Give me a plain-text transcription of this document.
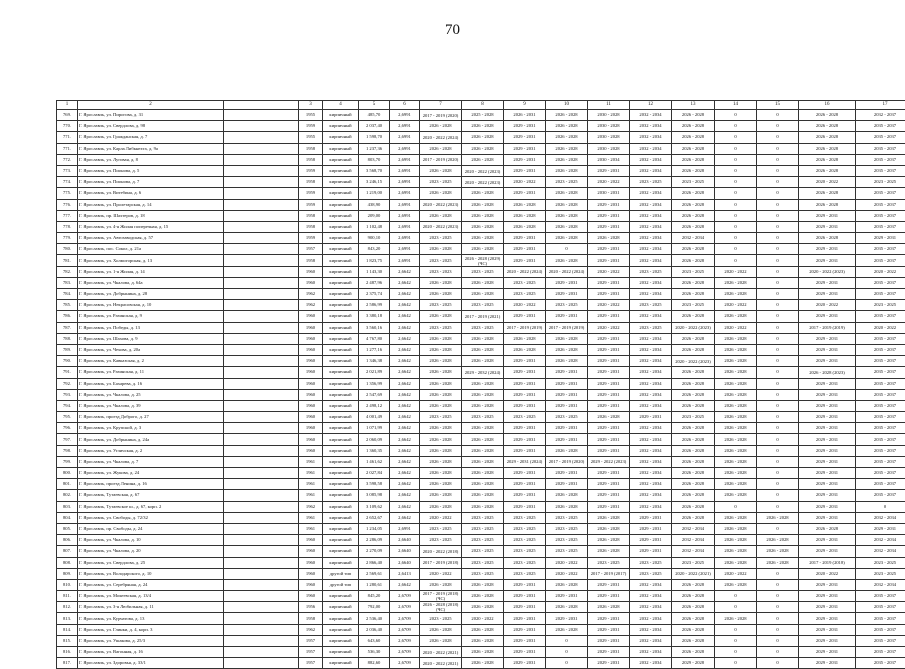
70
1	2		3	4	5	6	7	8	9	10	11	12	13	14	15	16	17
769.	Г. Ярославль, ул. Пирогова, д. 31		1955	кирпичный	485,70	2,6991	2017 - 2019 (2020)	2025 - 2028	2026 - 2031	2026 - 2028	2030 - 2028	2032 - 2034	2026 - 2028	0	0	2026 - 2028	2032 - 2037
770.	Г. Ярославль, ул. Свердлова, д. 98		1959	кирпичный	2 037,40	2,6991	2026 - 2028	2026 - 2028	2029 - 2031	2026 - 2028	2030 - 2028	2032 - 2034	2026 - 2028	0	0	2026 - 2028	2035 - 2037
771.	Г. Ярославль, ул. Гражданская, д. 7		1955	кирпичный	1 598,70	2,6991	2020 - 2022 (2024)	2026 - 2028	2029 - 2031	2026 - 2028	2030 - 2028	2032 - 2034	2026 - 2028	0	0	2026 - 2028	2035 - 2037
771.	Г. Ярославль, ул. Карла Либкнехта, д. 9а		1958	кирпичный	1 237,36	2,6991	2026 - 2028	2026 - 2028	2029 - 2031	2026 - 2028	2030 - 2028	2032 - 2034	2026 - 2028	0	0	2026 - 2028	2035 - 2037
772.	Г. Ярославль, ул. Луговая, д. 8		1958	кирпичный	803,70	2,6991	2017 - 2019 (2020)	2026 - 2028	2029 - 2031	2026 - 2028	2030 - 2034	2032 - 2034	2026 - 2028	0	0	2026 - 2028	2035 - 2037
773.	Г. Ярославль, ул. Пионова, д. 5		1959	кирпичный	3 568,70	2,6991	2026 - 2028	2020 - 2022 (2023)	2029 - 2031	2026 - 2028	2029 - 2031	2032 - 2034	2026 - 2028	0	0	2026 - 2028	2035 - 2037
774.	Г. Ярославль, ул. Пионова, д. 7		1958	кирпичный	3 246,15	2,6991	2023 - 2025	2020 - 2022 (2023)	2020 - 2022	2023 - 2025	2020 - 2022	2023 - 2025	2023 - 2025	0	0	2020 - 2022	2023 - 2025
775.	Г. Ярославль, ул. Витебина, д. 6		1959	кирпичный	1 219,00	2,6991	2026 - 2028	2026 - 2028	2029 - 2031	2026 - 2028	2030 - 2031	2032 - 2034	2026 - 2028	0	0	2026 - 2028	2035 - 2037
776.	Г. Ярославль, ул. Пролетарская, д. 14		1959	кирпичный	438,90	2,6991	2020 - 2022 (2023)	2026 - 2028	2026 - 2028	2026 - 2028	2029 - 2031	2032 - 2034	2026 - 2028	0	0	2026 - 2028	2035 - 2037
777.	Г. Ярославль, пр. Шахтеров, д. 18		1958	кирпичный	209,00	2,6991	2026 - 2028	2026 - 2028	2026 - 2028	2026 - 2028	2029 - 2031	2032 - 2034	2026 - 2028	0	0	2029 - 2031	2035 - 2037
778.	Г. Ярославль, ул. 4-я Жилая поперечная, д. 15		1958	кирпичный	1 102,48	2,6991	2020 - 2022 (2023)	2026 - 2028	2026 - 2028	2026 - 2028	2029 - 2031	2032 - 2034	2026 - 2028	0	0	2029 - 2031	2035 - 2037
779.	Г. Ярославль, ул. Автозаводская, д. 57		1959	кирпичный	900,10	2,6991	2023 - 2025	2026 - 2028	2029 - 2031	2026 - 2028	2026 - 2028	2032 - 2034	2032 - 2034	0	0	2026 - 2028	2029 - 2031
780.	Г. Ярославль, пос. Сокол, д. 21а		1957	кирпичный	843,20	2,6991	2026 - 2028	2026 - 2028	2029 - 2031	0	2029 - 2031	2032 - 2034	2026 - 2028	0	0	2029 - 2031	2035 - 2037
781.	Г. Ярославль, ул. Холмогорская, д. 13		1958	кирпичный	1 823,75	2,6991	2023 - 2025	2026 - 2028 (2029)(ЧС)	2029 - 2031	2026 - 2028	2029 - 2031	2032 - 2034	2026 - 2028	0	0	2029 - 2031	2035 - 2037
782.	Г. Ярославль, ул. 1-я Жилая, д. 14		1960	кирпичный	1 143,30	2,6642	2023 - 2023	2023 - 2025	2020 - 2022 (2024)	2020 - 2022 (2024)	2020 - 2022	2023 - 2025	2023 - 2025	2020 - 2022	0	2020 - 2022 (2023)	2020 - 2022
783.	Г. Ярославль, ул. Чкалова, д. 64а		1960	кирпичный	2 487,96	2,6642	2026 - 2028	2026 - 2028	2023 - 2025	2029 - 2031	2029 - 2031	2032 - 2034	2026 - 2028	2026 - 2028	0	2029 - 2031	2035 - 2037
784.	Г. Ярославль, ул. Добрынина, д. 28		1962	кирпичный	2 375,74	2,6642	2026 - 2028	2026 - 2028	2023 - 2025	2029 - 2031	2029 - 2031	2032 - 2034	2026 - 2028	2026 - 2028	0	2029 - 2031	2035 - 2037
785.	Г. Ярославль, ул. Некрасовская, д. 10		1962	кирпичный	2 586,99	2,6642	2023 - 2025	2023 - 2025	2020 - 2022	2023 - 2025	2020 - 2022	2023 - 2025	2023 - 2025	2020 - 2022	0	2020 - 2022	2023 - 2025
786.	Г. Ярославль, ул. Разинская, д. 9		1960	кирпичный	3 380,18	2,6642	2026 - 2028	2017 - 2019 (2021)	2029 - 2031	2029 - 2031	2029 - 2031	2032 - 2034	2026 - 2028	2026 - 2028	0	2029 - 2031	2035 - 2037
787.	Г. Ярославль, ул. Победы, д. 13		1960	кирпичный	3 560,16	2,6642	2023 - 2025	2023 - 2025	2017 - 2019 (2019)	2017 - 2019 (2019)	2020 - 2022	2023 - 2025	2020 - 2022 (2023)	2020 - 2022	0	2017 - 2019 (2019)	2020 - 2022
788.	Г. Ярославль, ул. Шахова, д. 9		1960	кирпичный	4 767,80	2,6642	2026 - 2028	2026 - 2028	2026 - 2028	2026 - 2028	2029 - 2031	2032 - 2034	2026 - 2028	2026 - 2028	0	2029 - 2031	2035 - 2037
789.	Г. Ярославль, ул. Чехова, д. 20а		1960	кирпичный	1 277,16	2,6642	2026 - 2028	2026 - 2028	2026 - 2028	2026 - 2028	2029 - 2031	2032 - 2034	2026 - 2028	2026 - 2028	0	2029 - 2031	2035 - 2037
790.	Г. Ярославль, ул. Кавказская, д. 2		1960	кирпичный	1 346,38	2,6642	2026 - 2028	2026 - 2028	2029 - 2031	2026 - 2028	2029 - 2031	2032 - 2034	2020 - 2022 (2023)	2026 - 2028	0	2029 - 2031	2035 - 2037
791.	Г. Ярославль, ул. Разинская, д. 11		1960	кирпичный	2 021,89	2,6642	2026 - 2028	2029 - 2032 (2024)	2029 - 2031	2029 - 2031	2029 - 2031	2032 - 2034	2026 - 2028	2026 - 2028	0	2026 - 2028 (2023)	2035 - 2037
792.	Г. Ярославль, ул. Бахарева, д. 16		1960	кирпичный	1 356,99	2,6642	2026 - 2028	2026 - 2028	2029 - 2031	2029 - 2031	2029 - 2031	2032 - 2034	2026 - 2028	2026 - 2028	0	2029 - 2031	2035 - 2037
793.	Г. Ярославль, ул. Чкалова, д. 25		1960	кирпичный	2 547,69	2,6642	2026 - 2028	2026 - 2028	2029 - 2031	2029 - 2031	2029 - 2031	2032 - 2034	2026 - 2028	2026 - 2028	0	2029 - 2031	2035 - 2037
794.	Г. Ярославль, ул. Чкалова, д. 39		1960	кирпичный	2 498,12	2,6642	2026 - 2028	2026 - 2028	2029 - 2031	2029 - 2031	2029 - 2031	2032 - 2034	2026 - 2028	2026 - 2028	0	2029 - 2031	2035 - 2037
795.	Г. Ярославль, проезд Доброго, д. 27		1960	кирпичный	4 001,49	2,6642	2023 - 2025	2023 - 2025	2023 - 2025	2023 - 2025	2026 - 2028	2029 - 2031	2023 - 2025	2026 - 2028	0	2029 - 2031	2035 - 2037
796.	Г. Ярославль, ул. Крупской, д. 3		1960	кирпичный	1 071,99	2,6642	2026 - 2028	2026 - 2028	2029 - 2031	2029 - 2031	2029 - 2031	2032 - 2034	2026 - 2028	2026 - 2028	0	2029 - 2031	2035 - 2037
797.	Г. Ярославль, ул. Добрынина, д. 24а		1960	кирпичный	2 060,09	2,6642	2026 - 2028	2026 - 2028	2029 - 2031	2029 - 2031	2029 - 2031	2032 - 2034	2026 - 2028	2026 - 2028	0	2029 - 2031	2035 - 2037
798.	Г. Ярославль, ул. Угличская, д. 2		1960	кирпичный	1 360,35	2,6642	2026 - 2028	2026 - 2028	2029 - 2031	2026 - 2028	2029 - 2031	2032 - 2034	2026 - 2028	2026 - 2028	0	2029 - 2031	2035 - 2037
799.	Г. Ярославль, ул. Чкалова, д. 7		1961	кирпичный	1 461,62	2,6642	2026 - 2028	2026 - 2028	2029 - 2031 (2024)	2017 - 2019 (2020)	2029 - 2022 (2023)	2032 - 2034	2026 - 2028	2026 - 2028	0	2029 - 2031	2035 - 2037
800.	Г. Ярославль, ул. Жукова, д. 24		1961	кирпичный	2 027,84	2,6642	2026 - 2028	2026 - 2028	2029 - 2031	2029 - 2031	2029 - 2031	2032 - 2034	2026 - 2028	2026 - 2028	0	2029 - 2031	2035 - 2037
801.	Г. Ярославль, проезд Ленина, д. 16		1961	кирпичный	3 598,58	2,6642	2026 - 2028	2026 - 2028	2029 - 2031	2029 - 2031	2029 - 2031	2032 - 2034	2026 - 2028	2026 - 2028	0	2029 - 2031	2035 - 2037
802.	Г. Ярославль, Тутаевская, д. 67		1961	кирпичный	3 085,98	2,6642	2026 - 2028	2026 - 2028	2029 - 2031	2026 - 2028	2029 - 2031	2032 - 2034	2026 - 2028	2026 - 2028	0	2029 - 2031	2035 - 2037
803.	Г. Ярославль, Тутаевское ш., д. 67, корп. 2		1962	кирпичный	3 109,62	2,6642	2026 - 2028	2026 - 2028	2029 - 2031	2026 - 2028	2029 - 2031	2032 - 2034	2026 - 2028	0	0	2029 - 2031	0
804.	Г. Ярославль, ул. Свободы, д. 72/32		1961	кирпичный	2 652,67	2,6642	2020 - 2022	2023 - 2025	2023 - 2025	2023 - 2025	2026 - 2028	2029 - 2031	2026 - 2028	2026 - 2028	2026 - 2028	2029 - 2031	2032 - 2034
805.	Г. Ярославль, пр. Свободы, д. 24		1961	кирпичный	1 234,05	2,6991	2023 - 2025	2023 - 2025	2023 - 2025	2023 - 2025	2026 - 2028	2029 - 2031	2032 - 2034	2026 - 2028	0	2026 - 2028	2029 - 2031
806.	Г. Ярославль, ул. Чкалова, д. 10		1960	кирпичный	2 286,09	2,6640	2023 - 2025	2023 - 2025	2023 - 2025	2023 - 2025	2026 - 2028	2029 - 2031	2032 - 2034	2026 - 2028	2026 - 2028	2029 - 2031	2032 - 2034
807.	Г. Ярославль, ул. Чкалова, д. 20		1960	кирпичный	2 270,09	2,6640	2020 - 2022 (2018)	2023 - 2025	2023 - 2025	2023 - 2025	2026 - 2028	2029 - 2031	2032 - 2034	2026 - 2028	2026 - 2028	2029 - 2031	2032 - 2034
808.	Г. Ярославль, ул. Свердлова, д. 25		1960	кирпичный	2 866,40	2,6640	2017 - 2019 (2018)	2023 - 2025	2023 - 2025	2020 - 2022	2023 - 2025	2023 - 2025	2023 - 2025	2026 - 2028	2026 - 2028	2017 - 2019 (2018)	2023 - 2025
809.	Г. Ярославль, ул. Володарского, д. 10		1960	другой тип	2 569,61	2,6413	2020 - 2022	2023 - 2025	2023 - 2025	2020 - 2022	2017 - 2019 (2017)	2023 - 2025	2020 - 2022 (2021)	2020 - 2022	0	2020 - 2022	2023 - 2025
810.	Г. Ярославль, ул. Серебряная, д. 24		1960	другой тип	1 280,61	2,6642	2026 - 2028	2026 - 2028	2029 - 2031	2026 - 2028	2029 - 2031	2032 - 2034	2026 - 2028	2026 - 2028	0	2029 - 2031	2032 - 2034
811.	Г. Ярославль, ул. Мокеевская, д. 13/4		1960	кирпичный	845,20	2,6709	2017 - 2019 (2018)(ЧС)	2026 - 2028	2029 - 2031	2029 - 2031	2029 - 2031	2032 - 2034	2026 - 2028	0	0	2029 - 2031	2035 - 2037
812.	Г. Ярославль, ул. 3-я Любильная, д. 11		1956	кирпичный	792,00	2,6709	2026 - 2028 (2018)(ЧС)	2026 - 2028	2029 - 2031	2026 - 2028	2026 - 2028	2032 - 2034	2026 - 2028	0	0	2029 - 2031	2035 - 2037
813.	Г. Ярославль, ул. Курчатова, д. 13		1958	кирпичный	2 536,40	2,6709	2023 - 2025	2020 - 2022	2029 - 2031	2029 - 2031	2029 - 2031	2032 - 2034	2026 - 2028	2026 - 2028	0	2029 - 2031	2035 - 2037
814.	Г. Ярославль, ул. Глинки, д. 4, корп. 3		1962	кирпичный	2 036,40	2,6709	2026 - 2028	2026 - 2028	2029 - 2031	2026 - 2028	2029 - 2031	2032 - 2034	2026 - 2028	0	0	2029 - 2031	2035 - 2037
815.	Г. Ярославль, ул. Ушакова, д. 25/3		1957	кирпичный	643,60	2,6709	2026 - 2028	2026 - 2028	2029 - 2031	0	2029 - 2031	2032 - 2034	2026 - 2028	0	0	2029 - 2031	2035 - 2037
816.	Г. Ярославль, ул. Вагонная, д. 16		1957	кирпичный	536,30	2,6709	2020 - 2022 (2021)	2026 - 2028	2029 - 2031	0	2029 - 2031	2032 - 2034	2026 - 2028	0	0	2029 - 2031	2035 - 2037
817.	Г. Ярославль, ул. Здоровья, д. 33/1		1957	кирпичный	882,60	2,6709	2020 - 2022 (2021)	2026 - 2028	2029 - 2031	0	2029 - 2031	2032 - 2034	2029 - 2028	0	0	2029 - 2031	2035 - 2037
